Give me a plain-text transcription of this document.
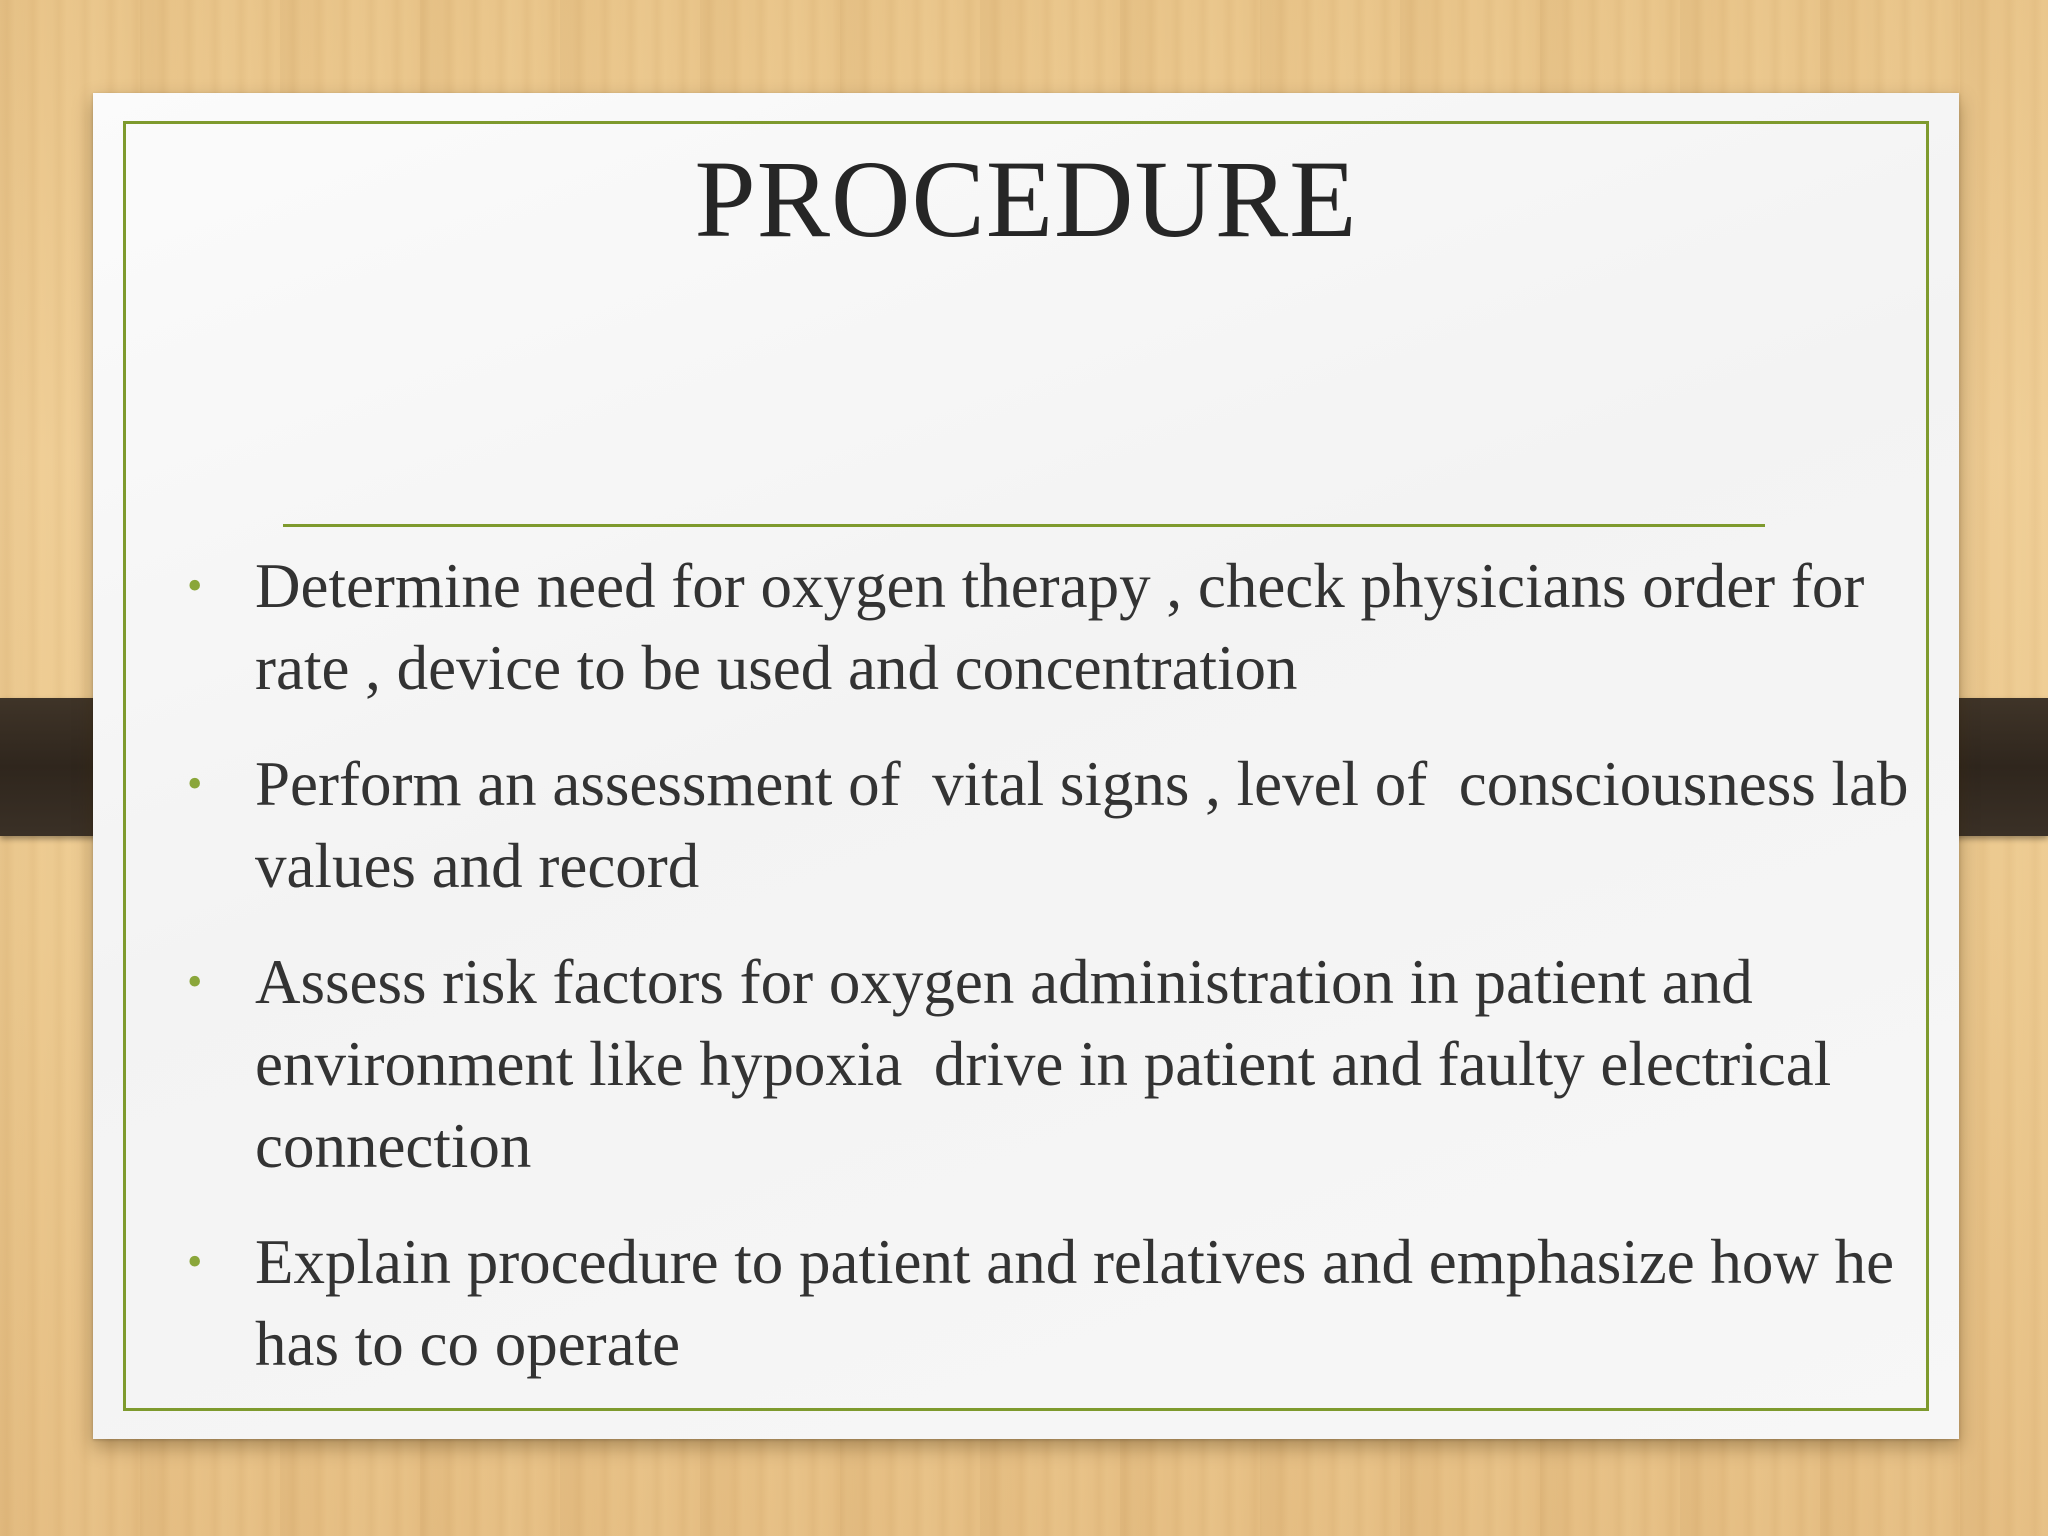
PROCEDURE
• Determine need for oxygen therapy , check physicians order for rate , device to be used and concentration
• Perform an assessment of  vital signs , level of  consciousness lab values and record
• Assess risk factors for oxygen administration in patient and environment like hypoxia  drive in patient and faulty electrical connection
• Explain procedure to patient and relatives and emphasize how he has to co operate
